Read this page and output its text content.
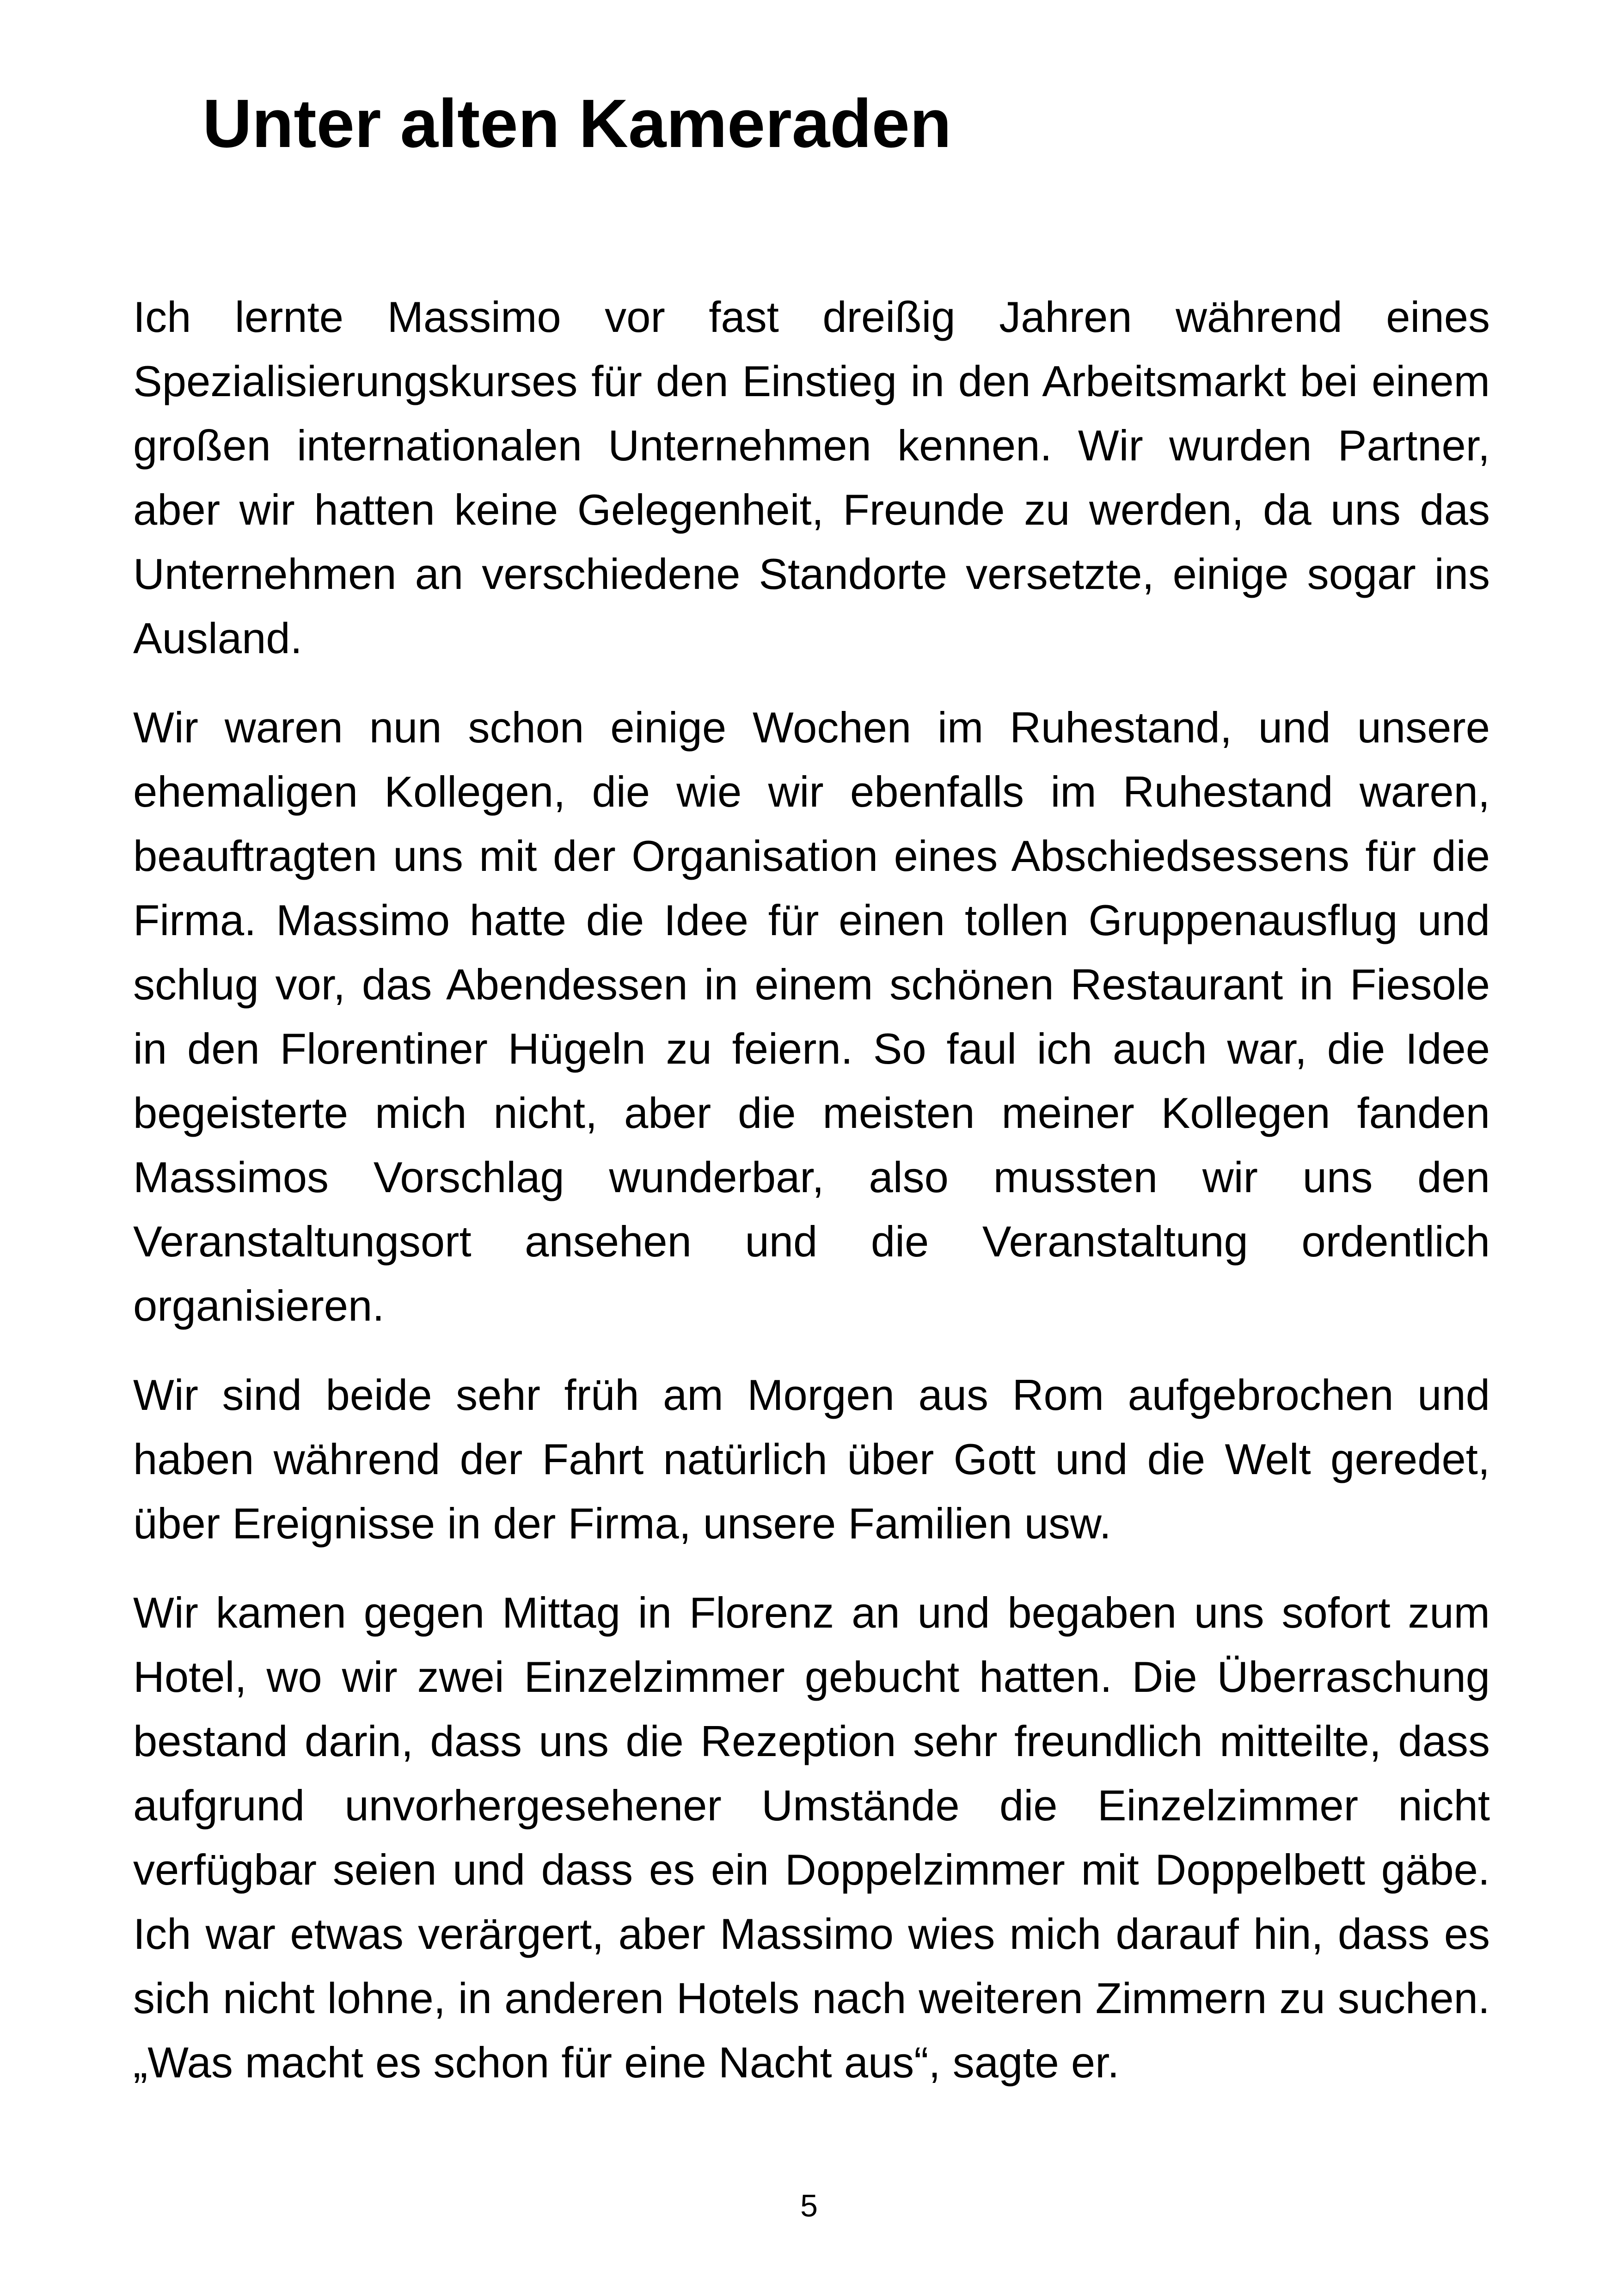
Unter alten Kameraden

Ich lernte Massimo vor fast dreißig Jahren während eines Spezialisierungskurses für den Einstieg in den Arbeitsmarkt bei einem großen internationalen Unternehmen kennen. Wir wurden Partner, aber wir hatten keine Gelegenheit, Freunde zu werden, da uns das Unternehmen an verschiedene Standorte versetzte, einige sogar ins Ausland.

Wir waren nun schon einige Wochen im Ruhestand, und unsere ehemaligen Kollegen, die wie wir ebenfalls im Ruhestand waren, beauftragten uns mit der Organisation eines Abschiedsessens für die Firma. Massimo hatte die Idee für einen tollen Gruppenausflug und schlug vor, das Abendessen in einem schönen Restaurant in Fiesole in den Florentiner Hügeln zu feiern. So faul ich auch war, die Idee begeisterte mich nicht, aber die meisten meiner Kollegen fanden Massimos Vorschlag wunderbar, also mussten wir uns den Veranstaltungsort ansehen und die Veranstaltung ordentlich organisieren.

Wir sind beide sehr früh am Morgen aus Rom aufgebrochen und haben während der Fahrt natürlich über Gott und die Welt geredet, über Ereignisse in der Firma, unsere Familien usw.

Wir kamen gegen Mittag in Florenz an und begaben uns sofort zum Hotel, wo wir zwei Einzelzimmer gebucht hatten. Die Überraschung bestand darin, dass uns die Rezeption sehr freundlich mitteilte, dass aufgrund unvorhergesehener Umstände die Einzelzimmer nicht verfügbar seien und dass es ein Doppelzimmer mit Doppelbett gäbe. Ich war etwas verärgert, aber Massimo wies mich darauf hin, dass es sich nicht lohne, in anderen Hotels nach weiteren Zimmern zu suchen. „Was macht es schon für eine Nacht aus“, sagte er.

5
